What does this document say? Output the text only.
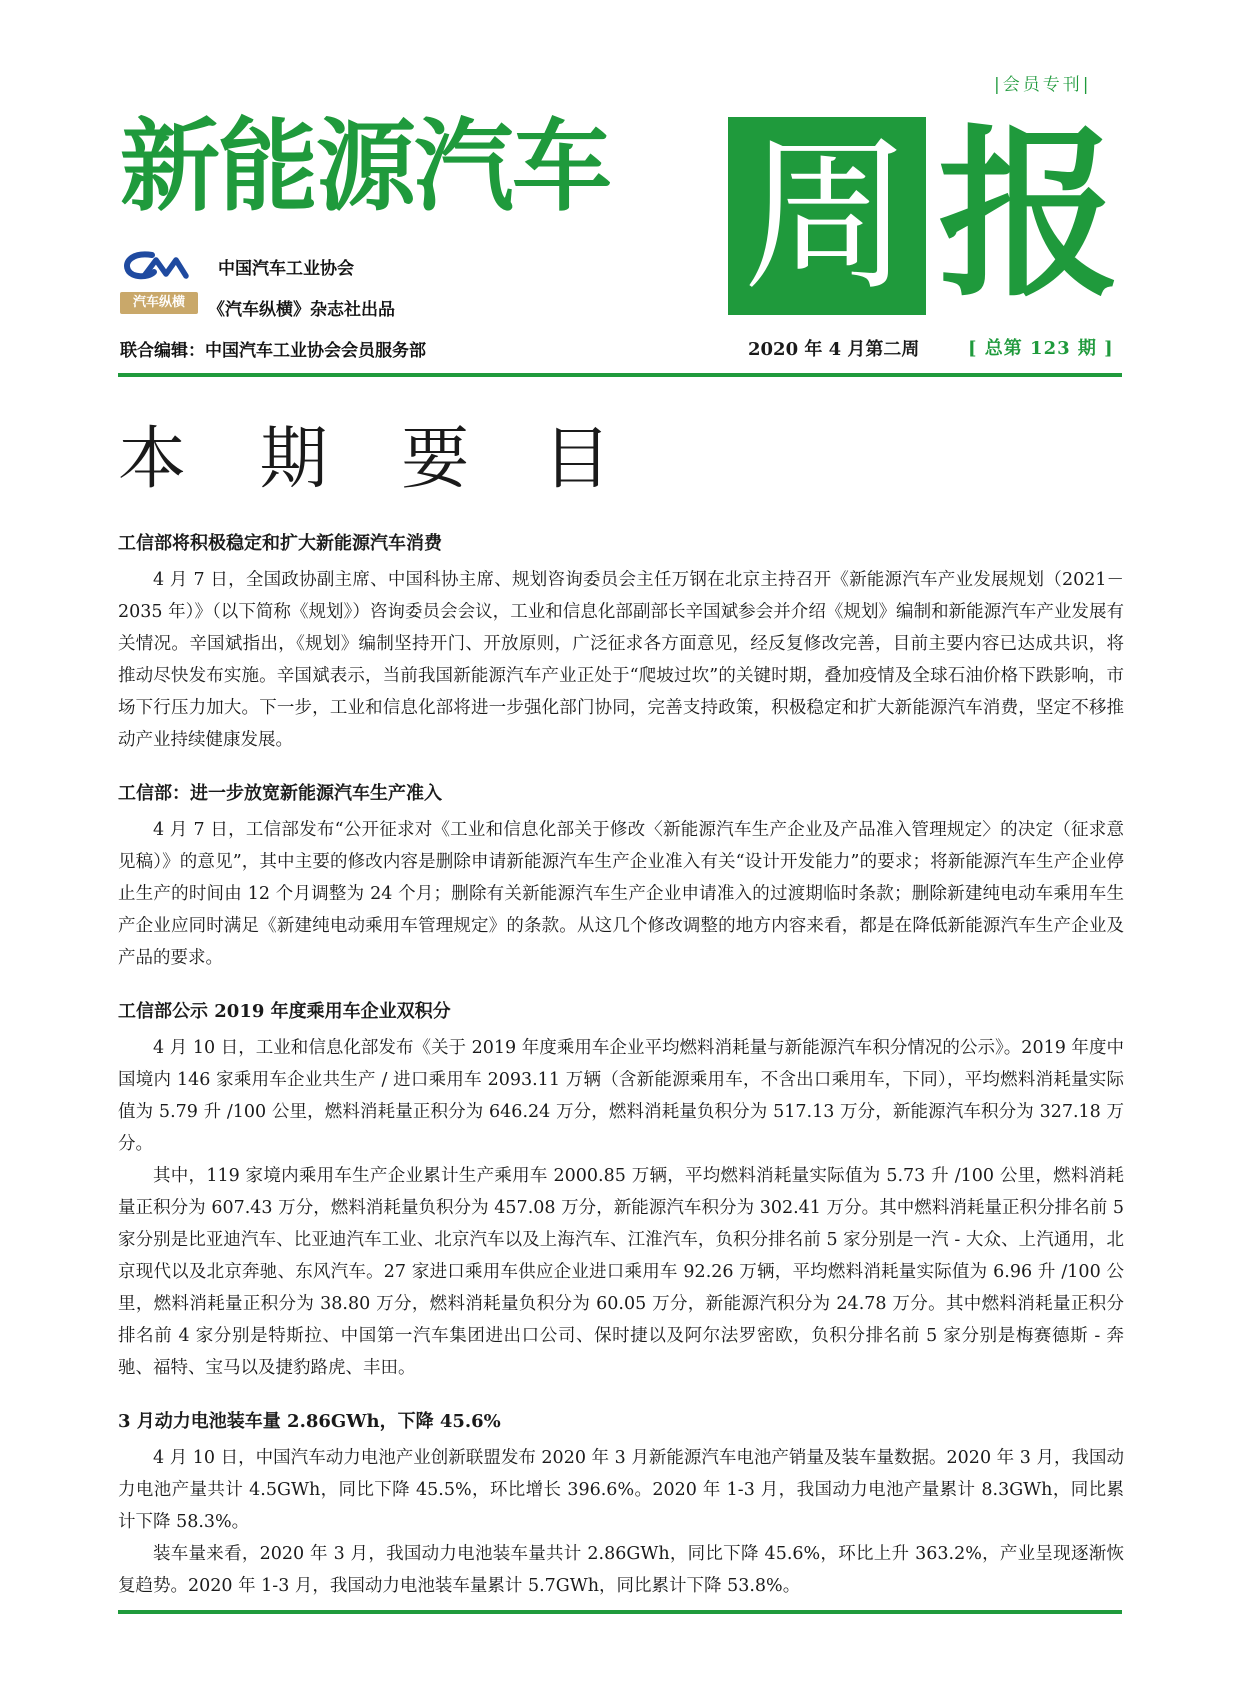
|会员专刊|
新能源汽车 周 报
中国汽车工业协会
汽车纵横	《汽车纵横》杂志社出品
联合编辑：中国汽车工业协会会员服务部	2020 年 4 月第二周	[ 总第 123 期 ]
本 期 要 目
工信部将积极稳定和扩大新能源汽车消费

4 月 7 日，全国政协副主席、中国科协主席、规划咨询委员会主任万钢在北京主持召开《新能源汽车产业发展规划（2021－2035 年）》（以下简称《规划》）咨询委员会会议，工业和信息化部副部长辛国斌参会并介绍《规划》编制和新能源汽车产业发展有关情况。辛国斌指出，《规划》编制坚持开门、开放原则，广泛征求各方面意见，经反复修改完善，目前主要内容已达成共识，将推动尽快发布实施。辛国斌表示，当前我国新能源汽车产业正处于“爬坡过坎”的关键时期，叠加疫情及全球石油价格下跌影响，市场下行压力加大。下一步，工业和信息化部将进一步强化部门协同，完善支持政策，积极稳定和扩大新能源汽车消费，坚定不移推动产业持续健康发展。

工信部：进一步放宽新能源汽车生产准入

4 月 7 日，工信部发布“公开征求对《工业和信息化部关于修改〈新能源汽车生产企业及产品准入管理规定〉的决定（征求意见稿）》的意见”，其中主要的修改内容是删除申请新能源汽车生产企业准入有关“设计开发能力”的要求；将新能源汽车生产企业停止生产的时间由 12 个月调整为 24 个月；删除有关新能源汽车生产企业申请准入的过渡期临时条款；删除新建纯电动车乘用车生产企业应同时满足《新建纯电动乘用车管理规定》的条款。从这几个修改调整的地方内容来看，都是在降低新能源汽车生产企业及产品的要求。

工信部公示 2019 年度乘用车企业双积分

4 月 10 日，工业和信息化部发布《关于 2019 年度乘用车企业平均燃料消耗量与新能源汽车积分情况的公示》。2019 年度中国境内 146 家乘用车企业共生产 / 进口乘用车 2093.11 万辆（含新能源乘用车，不含出口乘用车，下同），平均燃料消耗量实际值为 5.79 升 /100 公里，燃料消耗量正积分为 646.24 万分，燃料消耗量负积分为 517.13 万分，新能源汽车积分为 327.18 万分。

其中，119 家境内乘用车生产企业累计生产乘用车 2000.85 万辆，平均燃料消耗量实际值为 5.73 升 /100 公里，燃料消耗量正积分为 607.43 万分，燃料消耗量负积分为 457.08 万分，新能源汽车积分为 302.41 万分。其中燃料消耗量正积分排名前 5 家分别是比亚迪汽车、比亚迪汽车工业、北京汽车以及上海汽车、江淮汽车，负积分排名前 5 家分别是一汽 - 大众、上汽通用，北京现代以及北京奔驰、东风汽车。27 家进口乘用车供应企业进口乘用车 92.26 万辆，平均燃料消耗量实际值为 6.96 升 /100 公里，燃料消耗量正积分为 38.80 万分，燃料消耗量负积分为 60.05 万分，新能源汽积分为 24.78 万分。其中燃料消耗量正积分排名前 4 家分别是特斯拉、中国第一汽车集团进出口公司、保时捷以及阿尔法罗密欧，负积分排名前 5 家分别是梅赛德斯 - 奔驰、福特、宝马以及捷豹路虎、丰田。

3 月动力电池装车量 2.86GWh，下降 45.6%

4 月 10 日，中国汽车动力电池产业创新联盟发布 2020 年 3 月新能源汽车电池产销量及装车量数据。2020 年 3 月，我国动力电池产量共计 4.5GWh，同比下降 45.5%，环比增长 396.6%。2020 年 1-3 月，我国动力电池产量累计 8.3GWh，同比累计下降 58.3%。

装车量来看，2020 年 3 月，我国动力电池装车量共计 2.86GWh，同比下降 45.6%，环比上升 363.2%，产业呈现逐渐恢复趋势。2020 年 1-3 月，我国动力电池装车量累计 5.7GWh，同比累计下降 53.8%。
